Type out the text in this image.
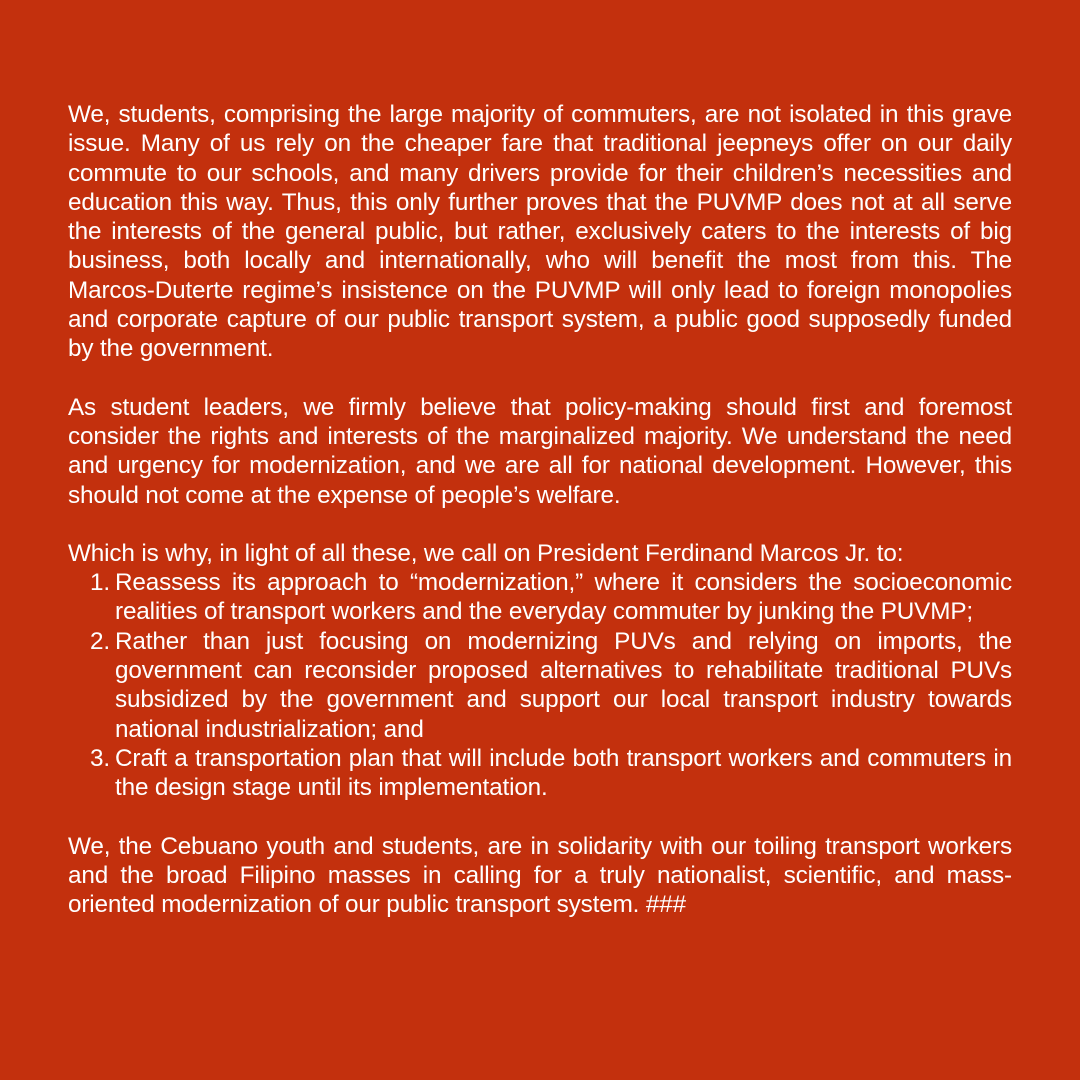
We, students, comprising the large majority of commuters, are not isolated in this grave issue. Many of us rely on the cheaper fare that traditional jeepneys offer on our daily commute to our schools, and many drivers provide for their children’s necessities and education this way. Thus, this only further proves that the PUVMP does not at all serve the interests of the general public, but rather, exclusively caters to the interests of big business, both locally and internationally, who will benefit the most from this. The Marcos-Duterte regime’s insistence on the PUVMP will only lead to foreign monopolies and corporate capture of our public transport system, a public good supposedly funded by the government.

As student leaders, we firmly believe that policy-making should first and foremost consider the rights and interests of the marginalized majority. We understand the need and urgency for modernization, and we are all for national development. However, this should not come at the expense of people’s welfare.

Which is why, in light of all these, we call on President Ferdinand Marcos Jr. to:

1. Reassess its approach to “modernization,” where it considers the socioeconomic realities of transport workers and the everyday commuter by junking the PUVMP;
2. Rather than just focusing on modernizing PUVs and relying on imports, the government can reconsider proposed alternatives to rehabilitate traditional PUVs subsidized by the government and support our local transport industry towards national industrialization; and
3. Craft a transportation plan that will include both transport workers and commuters in the design stage until its implementation.

We, the Cebuano youth and students, are in solidarity with our toiling transport workers and the broad Filipino masses in calling for a truly nationalist, scientific, and mass-oriented modernization of our public transport system. ###
